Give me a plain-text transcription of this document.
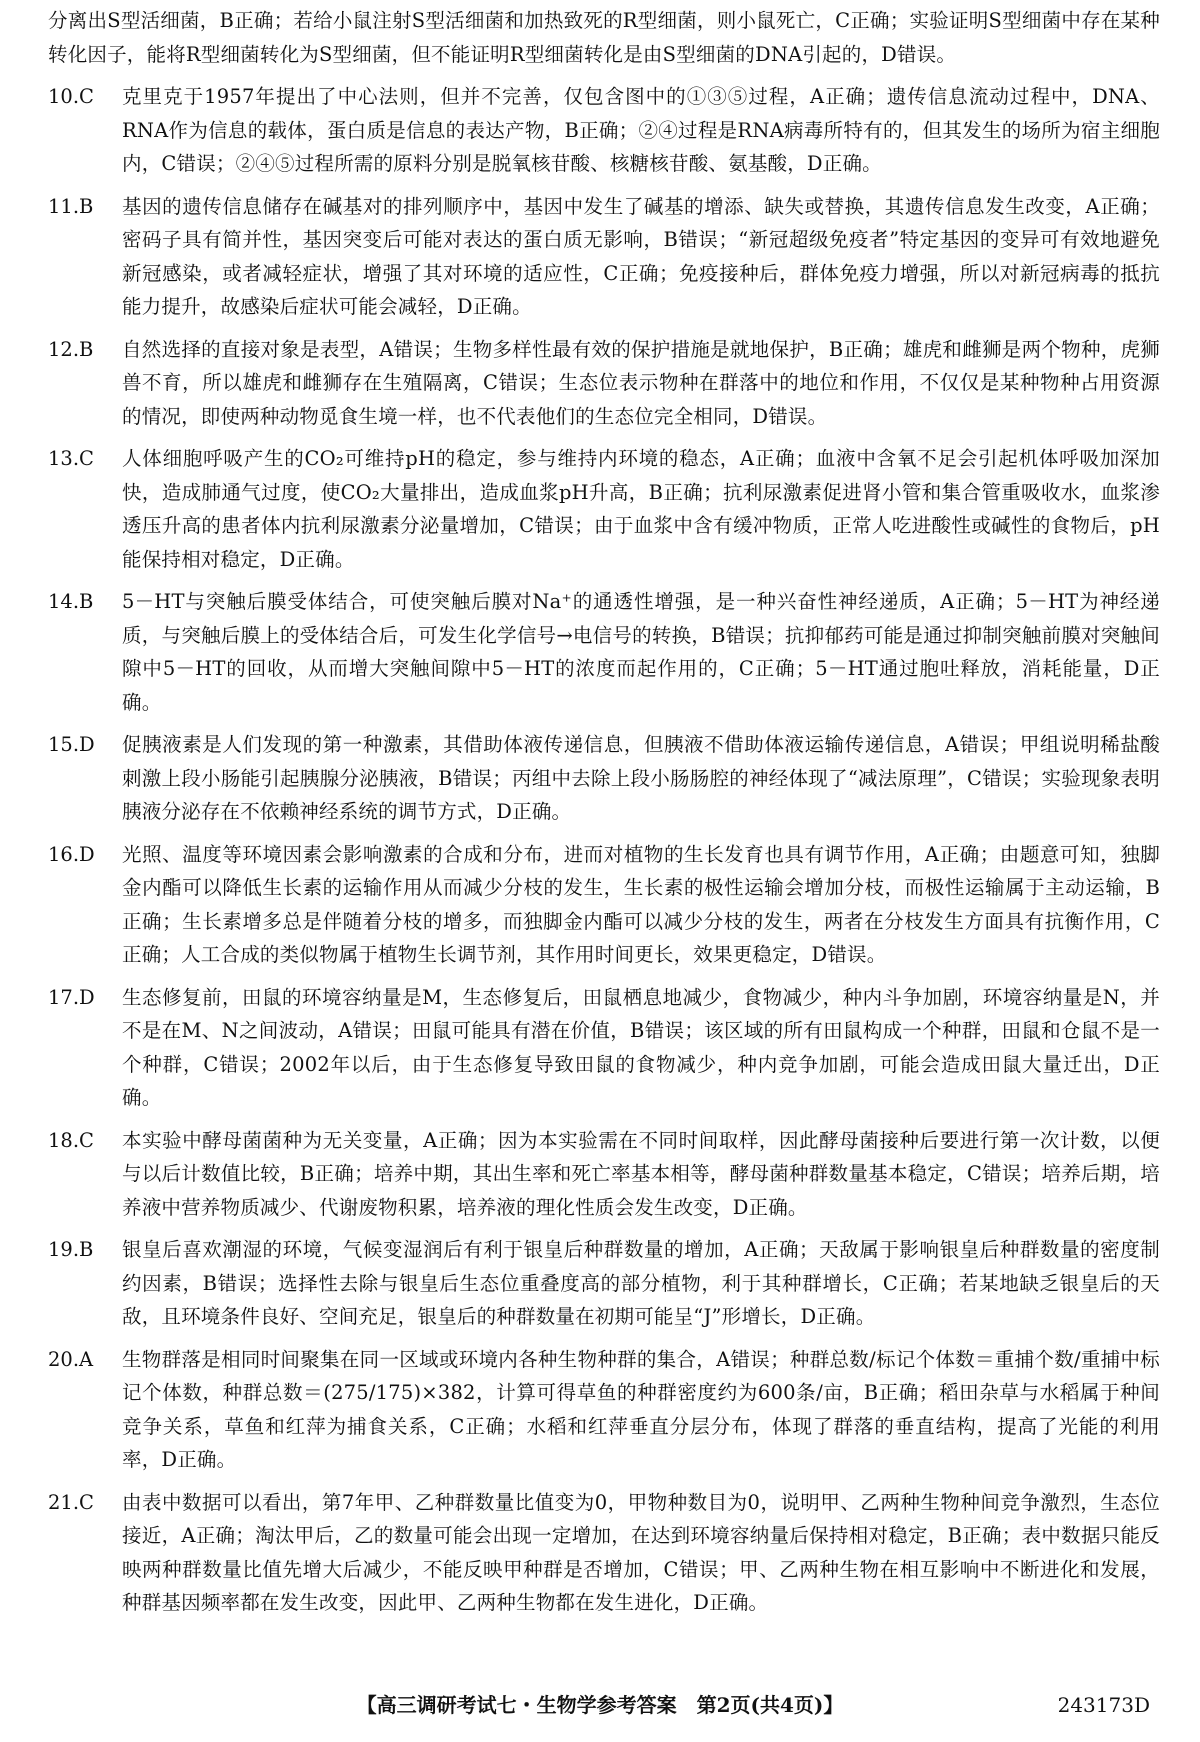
分离出S型活细菌，B正确；若给小鼠注射S型活细菌和加热致死的R型细菌，则小鼠死亡，C正确；实验证明S型细菌中存在某种转化因子，能将R型细菌转化为S型细菌，但不能证明R型细菌转化是由S型细菌的DNA引起的，D错误。

10.C	克里克于1957年提出了中心法则，但并不完善，仅包含图中的①③⑤过程，A正确；遗传信息流动过程中，DNA、RNA作为信息的载体，蛋白质是信息的表达产物，B正确；②④过程是RNA病毒所特有的，但其发生的场所为宿主细胞内，C错误；②④⑤过程所需的原料分别是脱氧核苷酸、核糖核苷酸、氨基酸，D正确。
11.B	基因的遗传信息储存在碱基对的排列顺序中，基因中发生了碱基的增添、缺失或替换，其遗传信息发生改变，A正确；密码子具有简并性，基因突变后可能对表达的蛋白质无影响，B错误；“新冠超级免疫者”特定基因的变异可有效地避免新冠感染，或者减轻症状，增强了其对环境的适应性，C正确；免疫接种后，群体免疫力增强，所以对新冠病毒的抵抗能力提升，故感染后症状可能会减轻，D正确。
12.B	自然选择的直接对象是表型，A错误；生物多样性最有效的保护措施是就地保护，B正确；雄虎和雌狮是两个物种，虎狮兽不育，所以雄虎和雌狮存在生殖隔离，C错误；生态位表示物种在群落中的地位和作用，不仅仅是某种物种占用资源的情况，即使两种动物觅食生境一样，也不代表他们的生态位完全相同，D错误。
13.C	人体细胞呼吸产生的CO₂可维持pH的稳定，参与维持内环境的稳态，A正确；血液中含氧不足会引起机体呼吸加深加快，造成肺通气过度，使CO₂大量排出，造成血浆pH升高，B正确；抗利尿激素促进肾小管和集合管重吸收水，血浆渗透压升高的患者体内抗利尿激素分泌量增加，C错误；由于血浆中含有缓冲物质，正常人吃进酸性或碱性的食物后，pH能保持相对稳定，D正确。
14.B	5－HT与突触后膜受体结合，可使突触后膜对Na⁺的通透性增强，是一种兴奋性神经递质，A正确；5－HT为神经递质，与突触后膜上的受体结合后，可发生化学信号→电信号的转换，B错误；抗抑郁药可能是通过抑制突触前膜对突触间隙中5－HT的回收，从而增大突触间隙中5－HT的浓度而起作用的，C正确；5－HT通过胞吐释放，消耗能量，D正确。
15.D	促胰液素是人们发现的第一种激素，其借助体液传递信息，但胰液不借助体液运输传递信息，A错误；甲组说明稀盐酸刺激上段小肠能引起胰腺分泌胰液，B错误；丙组中去除上段小肠肠腔的神经体现了“减法原理”，C错误；实验现象表明胰液分泌存在不依赖神经系统的调节方式，D正确。
16.D	光照、温度等环境因素会影响激素的合成和分布，进而对植物的生长发育也具有调节作用，A正确；由题意可知，独脚金内酯可以降低生长素的运输作用从而减少分枝的发生，生长素的极性运输会增加分枝，而极性运输属于主动运输，B正确；生长素增多总是伴随着分枝的增多，而独脚金内酯可以减少分枝的发生，两者在分枝发生方面具有抗衡作用，C正确；人工合成的类似物属于植物生长调节剂，其作用时间更长，效果更稳定，D错误。
17.D	生态修复前，田鼠的环境容纳量是M，生态修复后，田鼠栖息地减少，食物减少，种内斗争加剧，环境容纳量是N，并不是在M、N之间波动，A错误；田鼠可能具有潜在价值，B错误；该区域的所有田鼠构成一个种群，田鼠和仓鼠不是一个种群，C错误；2002年以后，由于生态修复导致田鼠的食物减少，种内竞争加剧，可能会造成田鼠大量迁出，D正确。
18.C	本实验中酵母菌菌种为无关变量，A正确；因为本实验需在不同时间取样，因此酵母菌接种后要进行第一次计数，以便与以后计数值比较，B正确；培养中期，其出生率和死亡率基本相等，酵母菌种群数量基本稳定，C错误；培养后期，培养液中营养物质减少、代谢废物积累，培养液的理化性质会发生改变，D正确。
19.B	银皇后喜欢潮湿的环境，气候变湿润后有利于银皇后种群数量的增加，A正确；天敌属于影响银皇后种群数量的密度制约因素，B错误；选择性去除与银皇后生态位重叠度高的部分植物，利于其种群增长，C正确；若某地缺乏银皇后的天敌，且环境条件良好、空间充足，银皇后的种群数量在初期可能呈“J”形增长，D正确。
20.A	生物群落是相同时间聚集在同一区域或环境内各种生物种群的集合，A错误；种群总数/标记个体数＝重捕个数/重捕中标记个体数，种群总数＝(275/175)×382，计算可得草鱼的种群密度约为600条/亩，B正确；稻田杂草与水稻属于种间竞争关系，草鱼和红萍为捕食关系，C正确；水稻和红萍垂直分层分布，体现了群落的垂直结构，提高了光能的利用率，D正确。
21.C	由表中数据可以看出，第7年甲、乙种群数量比值变为0，甲物种数目为0，说明甲、乙两种生物种间竞争激烈，生态位接近，A正确；淘汰甲后，乙的数量可能会出现一定增加，在达到环境容纳量后保持相对稳定，B正确；表中数据只能反映两种群数量比值先增大后减少，不能反映甲种群是否增加，C错误；甲、乙两种生物在相互影响中不断进化和发展，种群基因频率都在发生改变，因此甲、乙两种生物都在发生进化，D正确。
【高三调研考试七・生物学参考答案　第2页(共4页)】	243173D
